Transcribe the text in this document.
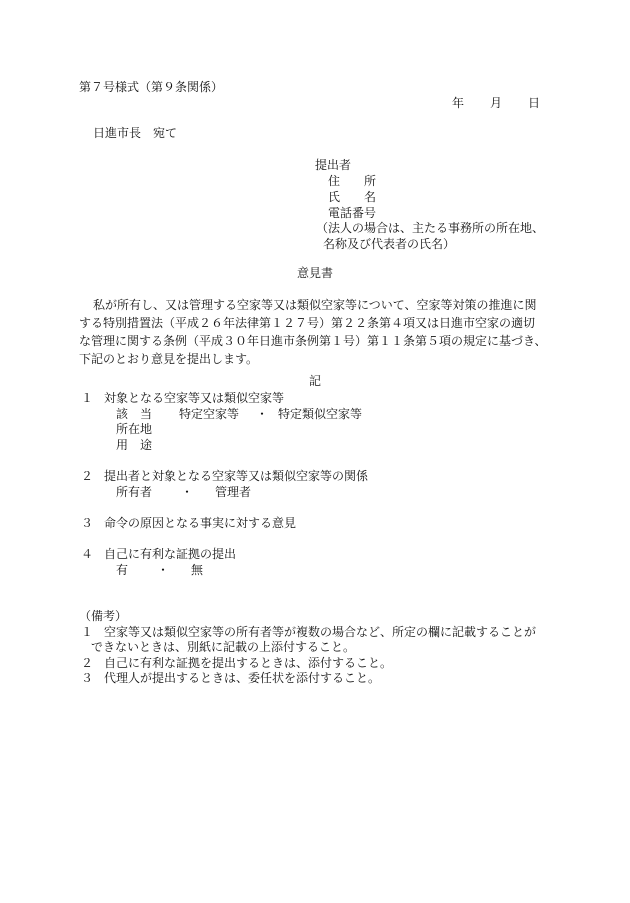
第７号様式（第９条関係）
年 月 日
日進市長　宛て
提出者
住　　所
氏　　名
電話番号
（法人の場合は、主たる事務所の所在地、
名称及び代表者の氏名）
意見書
私が所有し、又は管理する空家等又は類似空家等について、空家等対策の推進に関
する特別措置法（平成２６年法律第１２７号）第２２条第４項又は日進市空家の適切
な管理に関する条例（平成３０年日進市条例第１号）第１１条第５項の規定に基づき、
下記のとおり意見を提出します。
記
１ 対象となる空家等又は類似空家等
該　当 特定空家等 ・ 特定類似空家等
所在地
用　途
２ 提出者と対象となる空家等又は類似空家等の関係
所有者 ・ 管理者
３ 命令の原因となる事実に対する意見
４ 自己に有利な証拠の提出
有 ・ 無
（備考）
１ 空家等又は類似空家等の所有者等が複数の場合など、所定の欄に記載することが
できないときは、別紙に記載の上添付すること。
２ 自己に有利な証拠を提出するときは、添付すること。
３ 代理人が提出するときは、委任状を添付すること。
